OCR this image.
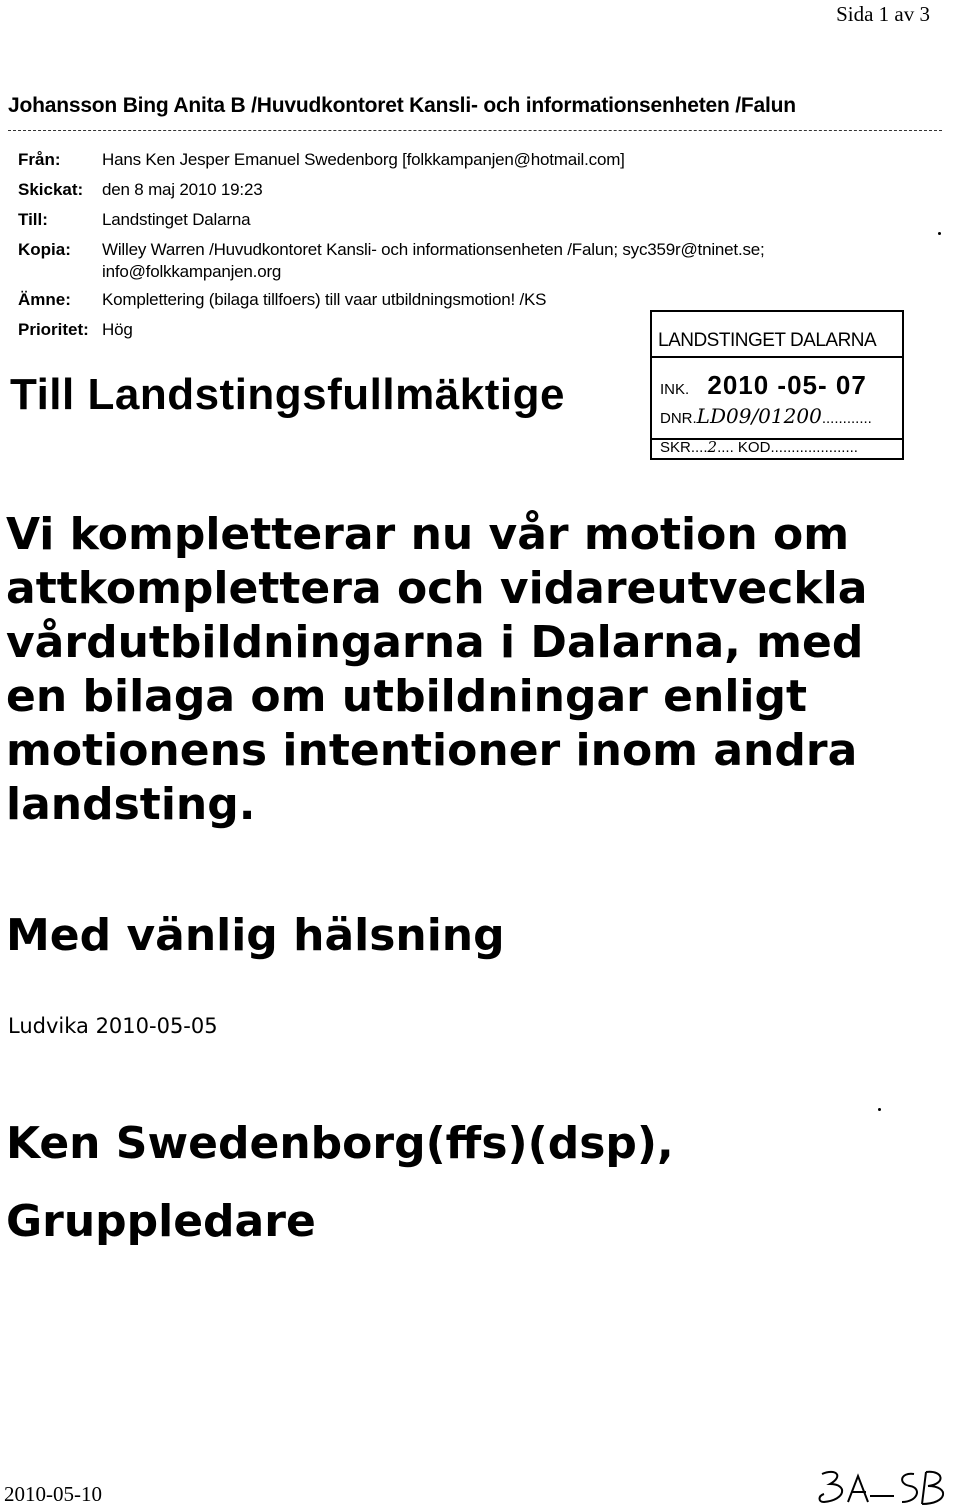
Sida 1 av 3
Johansson Bing Anita B /Huvudkontoret Kansli- och informationsenheten /Falun
Från: Hans Ken Jesper Emanuel Swedenborg [folkkampanjen@hotmail.com]
Skickat: den 8 maj 2010 19:23
Till:	Landstinget Dalarna
Kopia: Willey Warren /Huvudkontoret Kansli- och informationsenheten /Falun; syc359r@tninet.se;
info@folkkampanjen.org
Ämne: Komplettering (bilaga tillfoers) till vaar utbildningsmotion! /KS
Prioritet: Hög
Till Landstingsfullmäktige
LANDSTINGET DALARNA
INK. 2010 -05- 07
DNR.LD09/01200............
SKR....2.... KOD.....................
Vi kompletterar nu vår motion om attkomplettera och vidareutveckla vårdutbildningarna i Dalarna, med en bilaga om utbildningar enligt motionens intentioner inom andra landsting.
Med vänlig hälsning
Ludvika 2010-05-05
Ken Swedenborg(ffs)(dsp),
Gruppledare
2010-05-10
